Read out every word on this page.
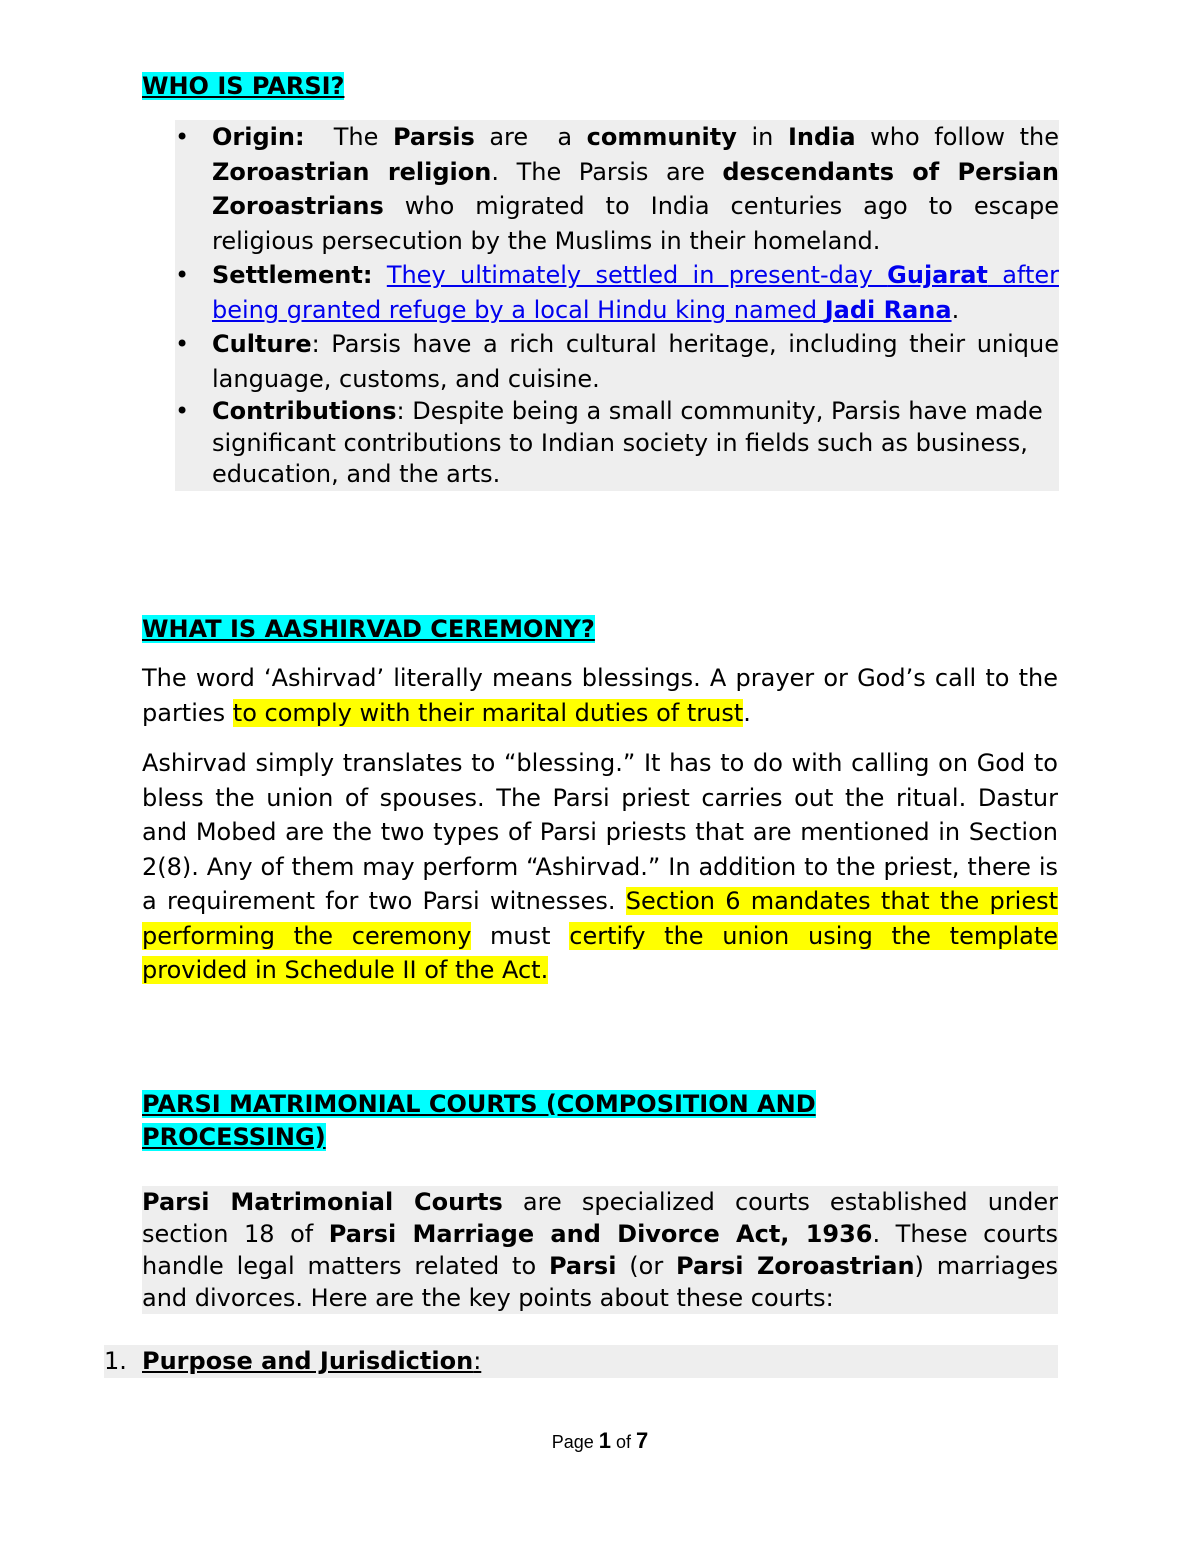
WHO IS PARSI?
• Origin:  The Parsis are  a community in India who follow the Zoroastrian religion. The Parsis are descendants of Persian Zoroastrians who migrated to India centuries ago to escape religious persecution by the Muslims in their homeland.
• Settlement: They ultimately settled in present-day Gujarat after being granted refuge by a local Hindu king named Jadi Rana.
• Culture: Parsis have a rich cultural heritage, including their unique language, customs, and cuisine.
• Contributions: Despite being a small community, Parsis have made significant contributions to Indian society in fields such as business, education, and the arts.
WHAT IS AASHIRVAD CEREMONY?

The word ‘Ashirvad’ literally means blessings. A prayer or God’s call to the parties to comply with their marital duties of trust.

Ashirvad simply translates to “blessing.” It has to do with calling on God to bless the union of spouses. The Parsi priest carries out the ritual. Dastur and Mobed are the two types of Parsi priests that are mentioned in Section 2(8). Any of them may perform “Ashirvad.” In addition to the priest, there is a requirement for two Parsi witnesses. Section 6 mandates that the priest performing the ceremony must certify the union using the template provided in Schedule II of the Act.

PARSI MATRIMONIAL COURTS (COMPOSITION AND
PROCESSING)

Parsi Matrimonial Courts are specialized courts established under section 18 of Parsi Marriage and Divorce Act, 1936. These courts handle legal matters related to Parsi (or Parsi Zoroastrian) marriages and divorces. Here are the key points about these courts:

1. Purpose and Jurisdiction:
Page 1 of 7
